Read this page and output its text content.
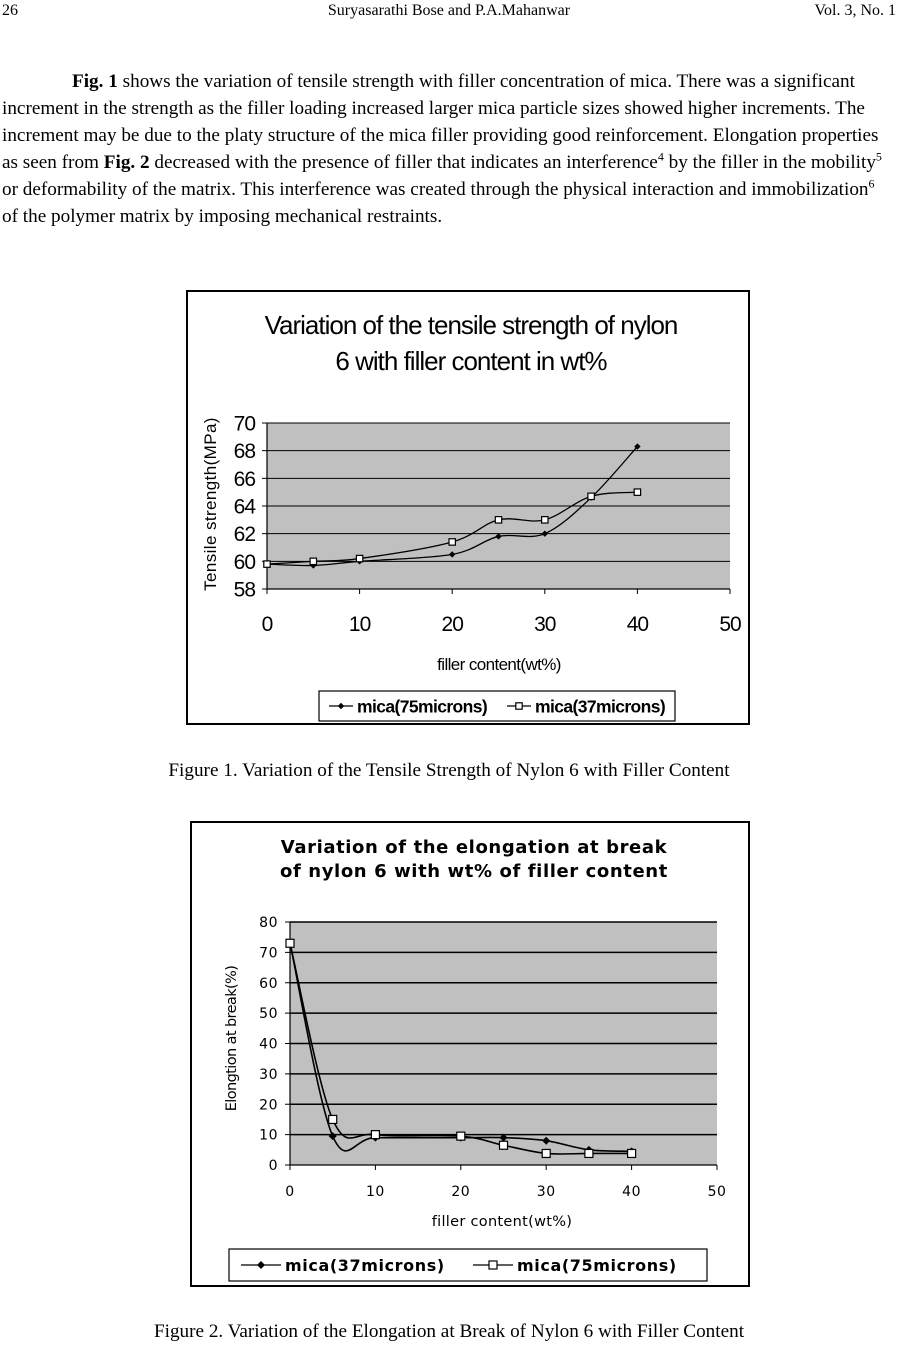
26	Suryasarathi Bose and P.A.Mahanwar	Vol. 3, No. 1

Fig. 1 shows the variation of tensile strength with filler concentration of mica. There was a significant increment in the strength as the filler loading increased larger mica particle sizes showed higher increments. The increment may be due to the platy structure of the mica filler providing good reinforcement. Elongation properties as seen from Fig. 2 decreased with the presence of filler that indicates an interference$^4$ by the filler in the mobility$^5$ or deformability of the matrix. This interference was created through the physical interaction and immobilization$^6$ of the polymer matrix by imposing mechanical restraints.

Variation of the tensile strength of nylon
6 with filler content in wt%
58
60
62
64
66
68
70
0	10	20	30	40	50
filler content(wt%)
Tensile strength(MPa)
mica(75microns)	mica(37microns)
Figure 1. Variation of the Tensile Strength of Nylon 6 with Filler Content
Variation of the elongation at break
of nylon 6 with wt% of filler content
0
10
20
30
40
50
60
70
80
0	10	20	30	40	50
filler content(wt%)
Elongtion at break(%)
mica(37microns)	mica(75microns)
Figure 2. Variation of the Elongation at Break of Nylon 6 with Filler Content
